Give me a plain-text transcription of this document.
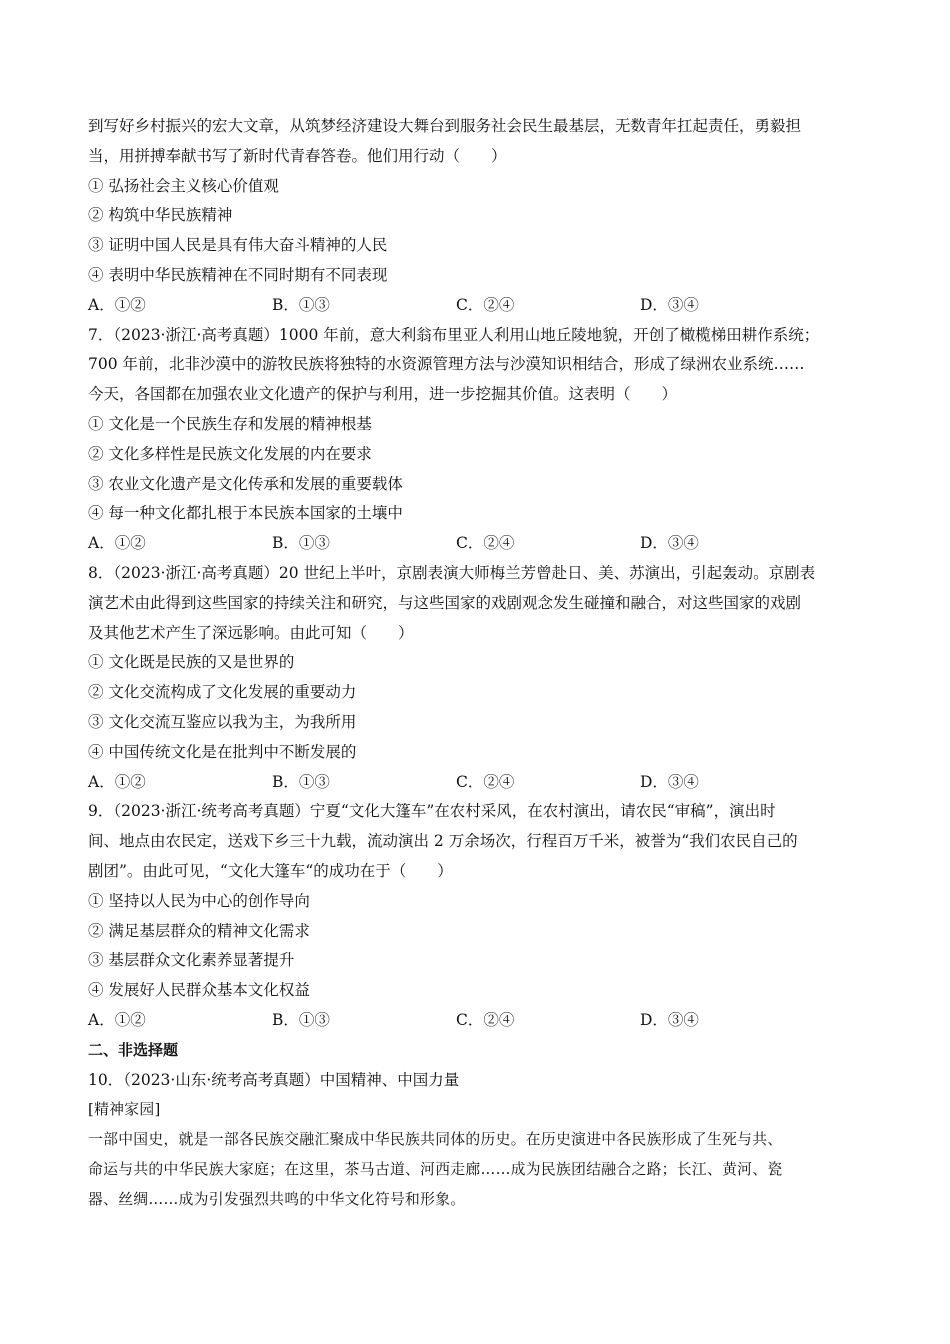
到写好乡村振兴的宏大文章，从筑梦经济建设大舞台到服务社会民生最基层，无数青年扛起责任，勇毅担
当，用拼搏奉献书写了新时代青春答卷。他们用行动（　　）
① 弘扬社会主义核心价值观
② 构筑中华民族精神
③ 证明中国人民是具有伟大奋斗精神的人民
④ 表明中华民族精神在不同时期有不同表现
A．①②	B．①③	C．②④	D．③④
7．（2023·浙江·高考真题）1000 年前，意大利翁布里亚人利用山地丘陵地貌，开创了橄榄梯田耕作系统；
700 年前，北非沙漠中的游牧民族将独特的水资源管理方法与沙漠知识相结合，形成了绿洲农业系统……
今天，各国都在加强农业文化遗产的保护与利用，进一步挖掘其价值。这表明（　　）
① 文化是一个民族生存和发展的精神根基
② 文化多样性是民族文化发展的内在要求
③ 农业文化遗产是文化传承和发展的重要载体
④ 每一种文化都扎根于本民族本国家的土壤中
A．①②	B．①③	C．②④	D．③④
8．（2023·浙江·高考真题）20 世纪上半叶，京剧表演大师梅兰芳曾赴日、美、苏演出，引起轰动。京剧表
演艺术由此得到这些国家的持续关注和研究，与这些国家的戏剧观念发生碰撞和融合，对这些国家的戏剧
及其他艺术产生了深远影响。由此可知（　　）
① 文化既是民族的又是世界的
② 文化交流构成了文化发展的重要动力
③ 文化交流互鉴应以我为主，为我所用
④ 中国传统文化是在批判中不断发展的
A．①②	B．①③	C．②④	D．③④
9．（2023·浙江·统考高考真题）宁夏“文化大篷车”在农村采风，在农村演出，请农民“审稿”，演出时
间、地点由农民定，送戏下乡三十九载，流动演出 2 万余场次，行程百万千米，被誉为“我们农民自己的
剧团”。由此可见，“文化大篷车“的成功在于（　　）
① 坚持以人民为中心的创作导向
② 满足基层群众的精神文化需求
③ 基层群众文化素养显著提升
④ 发展好人民群众基本文化权益
A．①②	B．①③	C．②④	D．③④
二、非选择题
10．（2023·山东·统考高考真题）中国精神、中国力量
[精神家园]
一部中国史，就是一部各民族交融汇聚成中华民族共同体的历史。在历史演进中各民族形成了生死与共、
命运与共的中华民族大家庭；在这里，茶马古道、河西走廊……成为民族团结融合之路；长江、黄河、瓷
器、丝绸……成为引发强烈共鸣的中华文化符号和形象。
